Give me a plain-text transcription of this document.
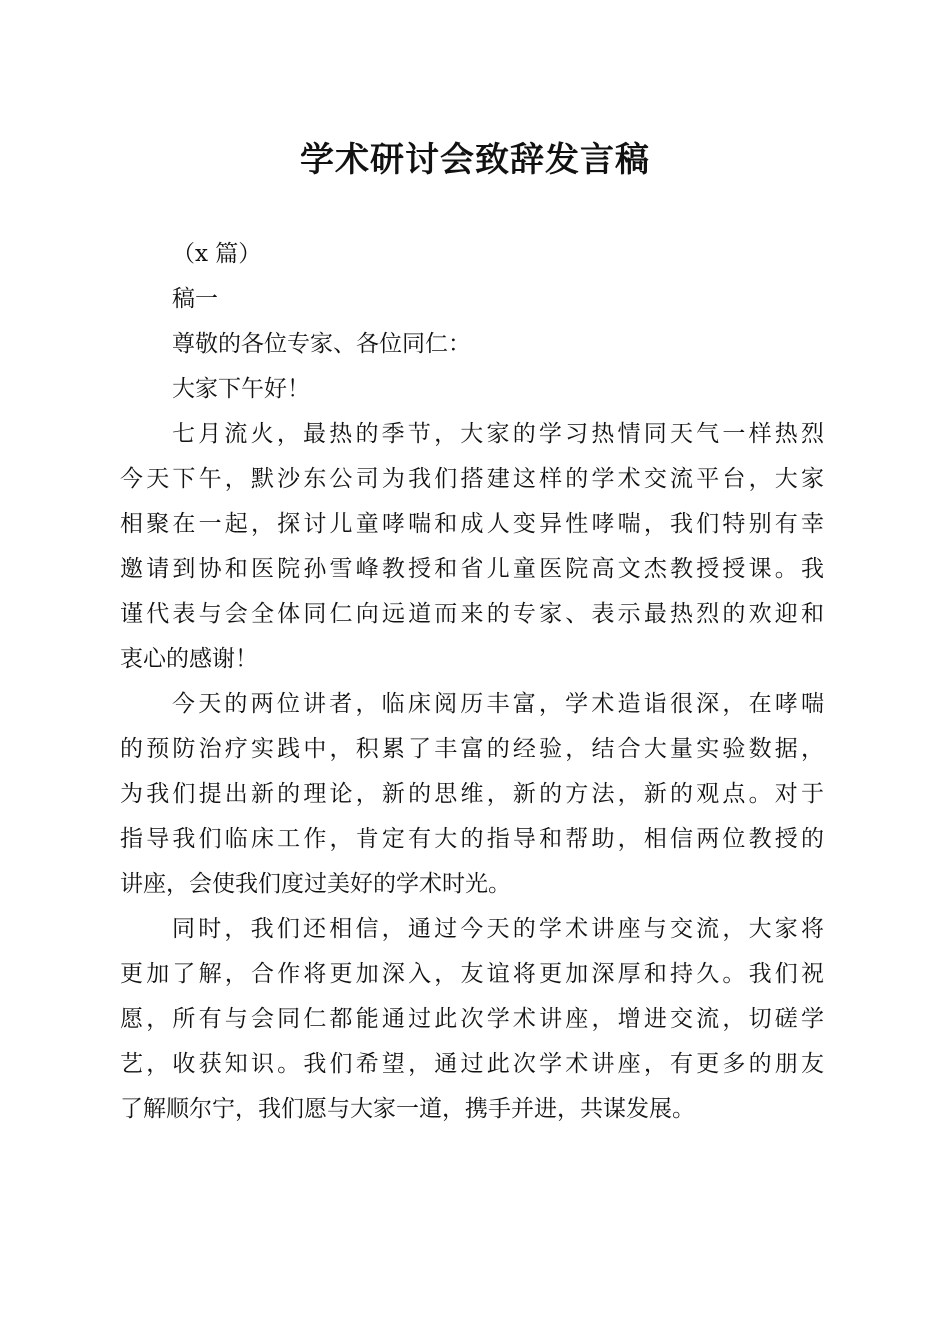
学术研讨会致辞发言稿

（x 篇）

稿一

尊敬的各位专家、各位同仁：

大家下午好！

七月流火，最热的季节，大家的学习热情同天气一样热烈

今天下午，默沙东公司为我们搭建这样的学术交流平台，大家

相聚在一起，探讨儿童哮喘和成人变异性哮喘，我们特别有幸

邀请到协和医院孙雪峰教授和省儿童医院高文杰教授授课。我

谨代表与会全体同仁向远道而来的专家、表示最热烈的欢迎和

衷心的感谢！

今天的两位讲者，临床阅历丰富，学术造诣很深，在哮喘

的预防治疗实践中，积累了丰富的经验，结合大量实验数据，

为我们提出新的理论，新的思维，新的方法，新的观点。对于

指导我们临床工作，肯定有大的指导和帮助，相信两位教授的

讲座，会使我们度过美好的学术时光。

同时，我们还相信，通过今天的学术讲座与交流，大家将

更加了解，合作将更加深入，友谊将更加深厚和持久。我们祝

愿，所有与会同仁都能通过此次学术讲座，增进交流，切磋学

艺，收获知识。我们希望，通过此次学术讲座，有更多的朋友

了解顺尔宁，我们愿与大家一道，携手并进，共谋发展。
